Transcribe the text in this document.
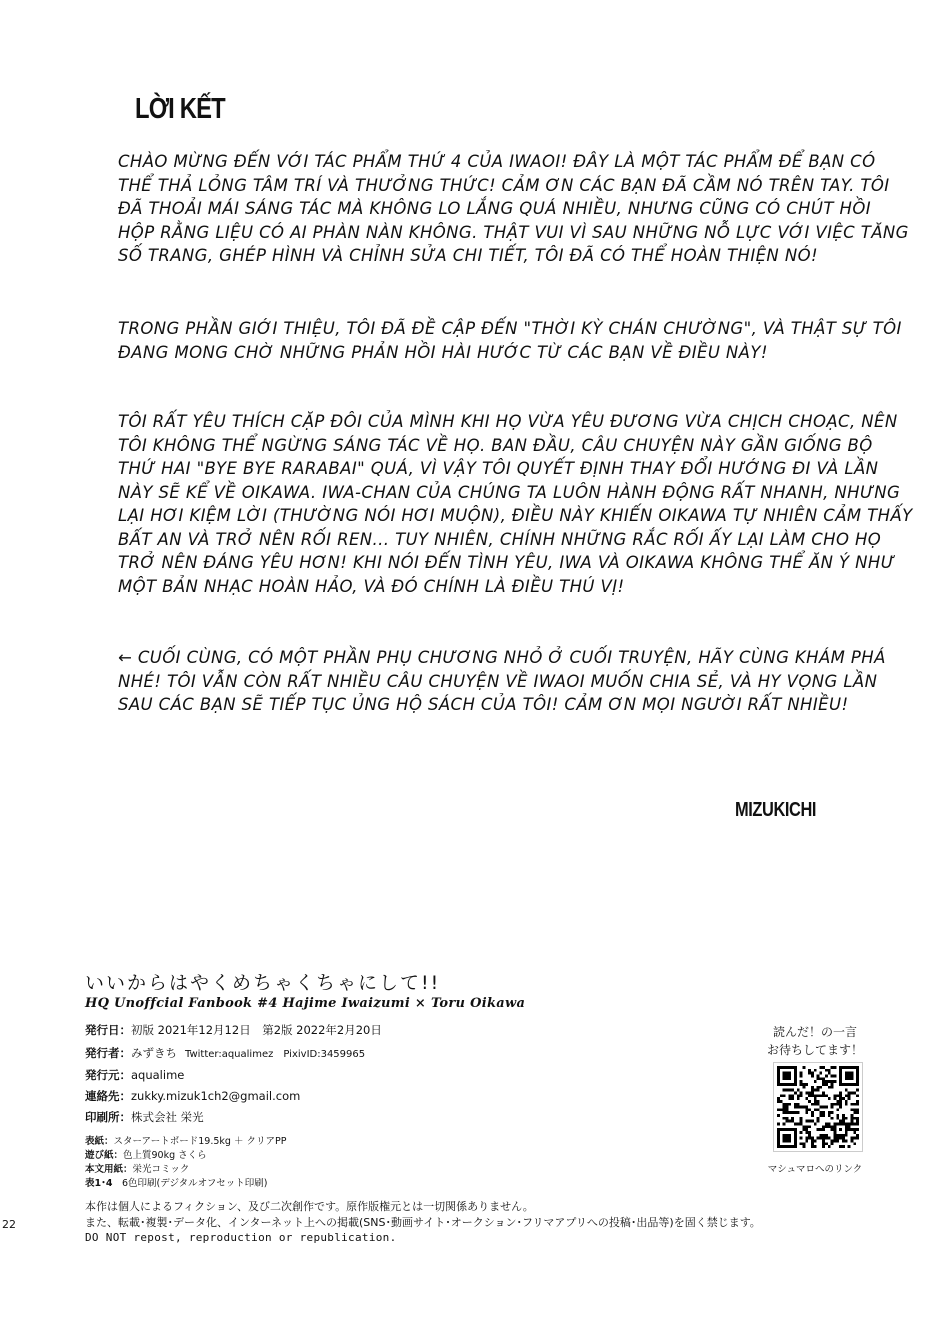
LỜI KẾT
CHÀO MỪNG ĐẾN VỚI TÁC PHẨM THỨ 4 CỦA IWAOI! ĐÂY LÀ MỘT TÁC PHẨM ĐỂ BẠN CÓ
THỂ THẢ LỎNG TÂM TRÍ VÀ THƯỞNG THỨC! CẢM ƠN CÁC BẠN ĐÃ CẦM NÓ TRÊN TAY. TÔI
ĐÃ THOẢI MÁI SÁNG TÁC MÀ KHÔNG LO LẮNG QUÁ NHIỀU, NHƯNG CŨNG CÓ CHÚT HỒI
HỘP RẰNG LIỆU CÓ AI PHÀN NÀN KHÔNG. THẬT VUI VÌ SAU NHỮNG NỖ LỰC VỚI VIỆC TĂNG
SỐ TRANG, GHÉP HÌNH VÀ CHỈNH SỬA CHI TIẾT, TÔI ĐÃ CÓ THỂ HOÀN THIỆN NÓ!
TRONG PHẦN GIỚI THIỆU, TÔI ĐÃ ĐỀ CẬP ĐẾN "THỜI KỲ CHÁN CHƯỜNG", VÀ THẬT SỰ TÔI
ĐANG MONG CHỜ NHỮNG PHẢN HỒI HÀI HƯỚC TỪ CÁC BẠN VỀ ĐIỀU NÀY!
TÔI RẤT YÊU THÍCH CẶP ĐÔI CỦA MÌNH KHI HỌ VỪA YÊU ĐƯƠNG VỪA CHỊCH CHOẠC, NÊN
TÔI KHÔNG THỂ NGỪNG SÁNG TÁC VỀ HỌ. BAN ĐẦU, CÂU CHUYỆN NÀY GẦN GIỐNG BỘ
THỨ HAI "BYE BYE RARABAI" QUÁ, VÌ VẬY TÔI QUYẾT ĐỊNH THAY ĐỔI HƯỚNG ĐI VÀ LẦN
NÀY SẼ KỂ VỀ OIKAWA. IWA-CHAN CỦA CHÚNG TA LUÔN HÀNH ĐỘNG RẤT NHANH, NHƯNG
LẠI HƠI KIỆM LỜI (THƯỜNG NÓI HƠI MUỘN), ĐIỀU NÀY KHIẾN OIKAWA TỰ NHIÊN CẢM THẤY
BẤT AN VÀ TRỞ NÊN RỐI REN... TUY NHIÊN, CHÍNH NHỮNG RẮC RỐI ẤY LẠI LÀM CHO HỌ
TRỞ NÊN ĐÁNG YÊU HƠN! KHI NÓI ĐẾN TÌNH YÊU, IWA VÀ OIKAWA KHÔNG THỂ ĂN Ý NHƯ
MỘT BẢN NHẠC HOÀN HẢO, VÀ ĐÓ CHÍNH LÀ ĐIỀU THÚ VỊ!
← CUỐI CÙNG, CÓ MỘT PHẦN PHỤ CHƯƠNG NHỎ Ở CUỐI TRUYỆN, HÃY CÙNG KHÁM PHÁ
NHÉ! TÔI VẪN CÒN RẤT NHIỀU CÂU CHUYỆN VỀ IWAOI MUỐN CHIA SẺ, VÀ HY VỌNG LẦN
SAU CÁC BẠN SẼ TIẾP TỤC ỦNG HỘ SÁCH CỦA TÔI! CẢM ƠN MỌI NGƯỜI RẤT NHIỀU!
MIZUKICHI
いいからはやくめちゃくちゃにして!!
HQ Unoffcial Fanbook #4 Hajime Iwaizumi × Toru Oikawa
発行日：初版 2021年12月12日　第2版 2022年2月20日
発行者：みずきち Twitter:aqualimez PixivID:3459965
発行元：aqualime
連絡先：zukky.mizuk1ch2@gmail.com
印刷所：株式会社 栄光
表紙：スターアートボード19.5kg ＋ クリアPP
遊び紙：色上質90kg さくら
本文用紙：栄光コミック
表1･4　6色印刷(デジタルオフセット印刷)
本作は個人によるフィクション、及び二次創作です。原作版権元とは一切関係ありません。
また、転載･複製･データ化、インターネット上への掲載(SNS･動画サイト･オークション･フリマアプリへの投稿･出品等)を固く禁じます。
DO NOT repost, reproduction or republication.
22
読んだ！の一言
お待ちしてます！
マシュマロへのリンク
